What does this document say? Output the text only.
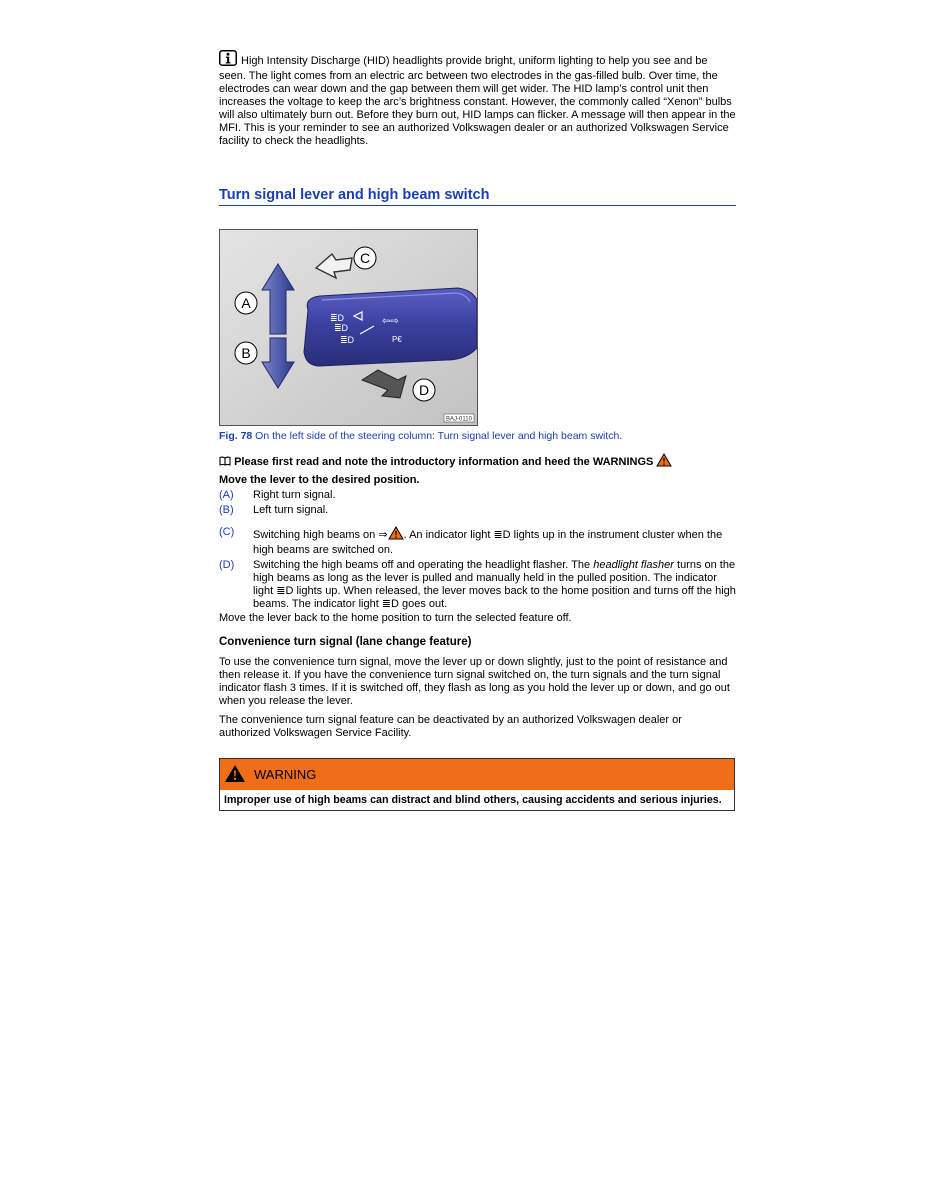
High Intensity Discharge (HID) headlights provide bright, uniform lighting to help you see and be seen. The light comes from an electric arc between two electrodes in the gas-filled bulb. Over time, the electrodes can wear down and the gap between them will get wider. The HID lamp’s control unit then increases the voltage to keep the arc’s brightness constant. However, the commonly called “Xenon” bulbs will also ultimately burn out. Before they burn out, HID lamps can flicker. A message will then appear in the MFI. This is your reminder to see an authorized Volkswagen dealer or an authorized Volkswagen Service facility to check the headlights.
Turn signal lever and high beam switch
≣D
≣D
≣D
⇦⇨
P€
A
B
C
D
BAJ-0110
Fig. 78 On the left side of the steering column: Turn signal lever and high beam switch.
Please first read and note the introductory information and heed the WARNINGS
Move the lever to the desired position.
(A)	Right turn signal.
(B)	Left turn signal.
(C)	Switching high beams on ⇒ . An indicator light ≣D lights up in the instrument cluster when the high beams are switched on.
(D)	Switching the high beams off and operating the headlight flasher. The headlight flasher turns on the high beams as long as the lever is pulled and manually held in the pulled position. The indicator light ≣D lights up. When released, the lever moves back to the home position and turns off the high beams. The indicator light ≣D goes out.
Move the lever back to the home position to turn the selected feature off.
Convenience turn signal (lane change feature)

To use the convenience turn signal, move the lever up or down slightly, just to the point of resistance and then release it. If you have the convenience turn signal switched on, the turn signals and the turn signal indicator flash 3 times. If it is switched off, they flash as long as you hold the lever up or down, and go out when you release the lever.

The convenience turn signal feature can be deactivated by an authorized Volkswagen dealer or authorized Volkswagen Service Facility.

WARNING
Improper use of high beams can distract and blind others, causing accidents and serious injuries.
